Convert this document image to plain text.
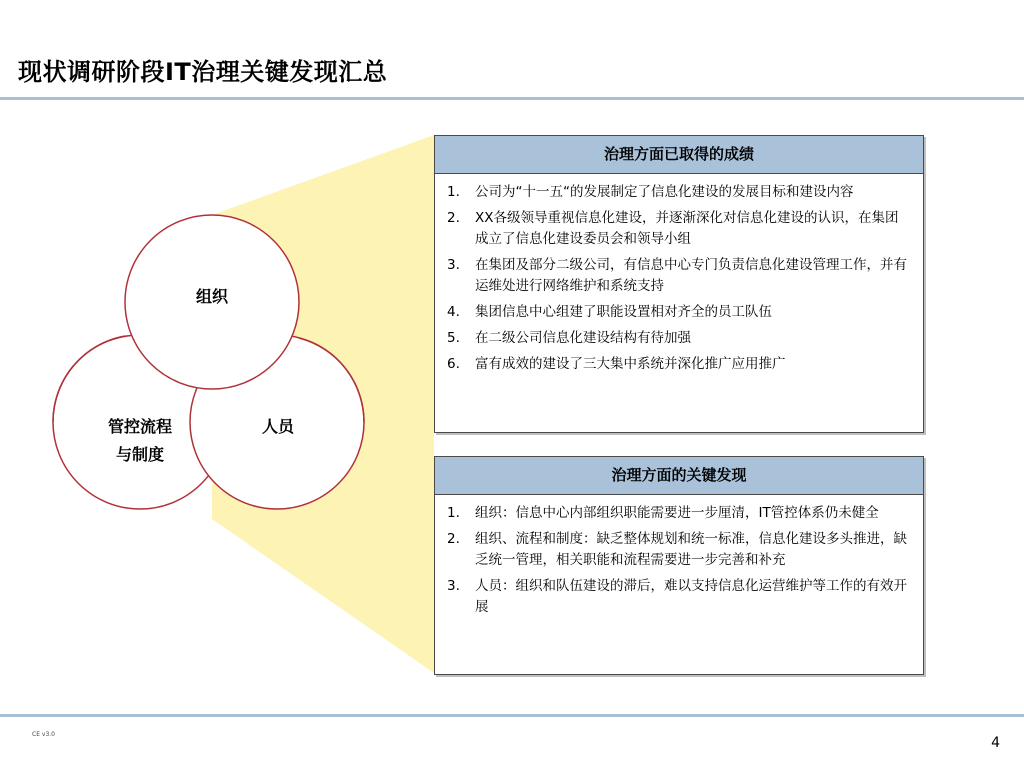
现状调研阶段IT治理关键发现汇总
组织
管控流程
与制度
人员
治理方面已取得的成绩
1. 公司为“十一五“的发展制定了信息化建设的发展目标和建设内容
2. XX各级领导重视信息化建设，并逐渐深化对信息化建设的认识，在集团成立了信息化建设委员会和领导小组
3. 在集团及部分二级公司，有信息中心专门负责信息化建设管理工作，并有运维处进行网络维护和系统支持
4. 集团信息中心组建了职能设置相对齐全的员工队伍
5. 在二级公司信息化建设结构有待加强
6. 富有成效的建设了三大集中系统并深化推广应用推广
治理方面的关键发现
1. 组织：信息中心内部组织职能需要进一步厘清，IT管控体系仍未健全
2. 组织、流程和制度：缺乏整体规划和统一标准，信息化建设多头推进，缺乏统一管理，相关职能和流程需要进一步完善和补充
3. 人员：组织和队伍建设的滞后，难以支持信息化运营维护等工作的有效开展
CE v3.0
4
